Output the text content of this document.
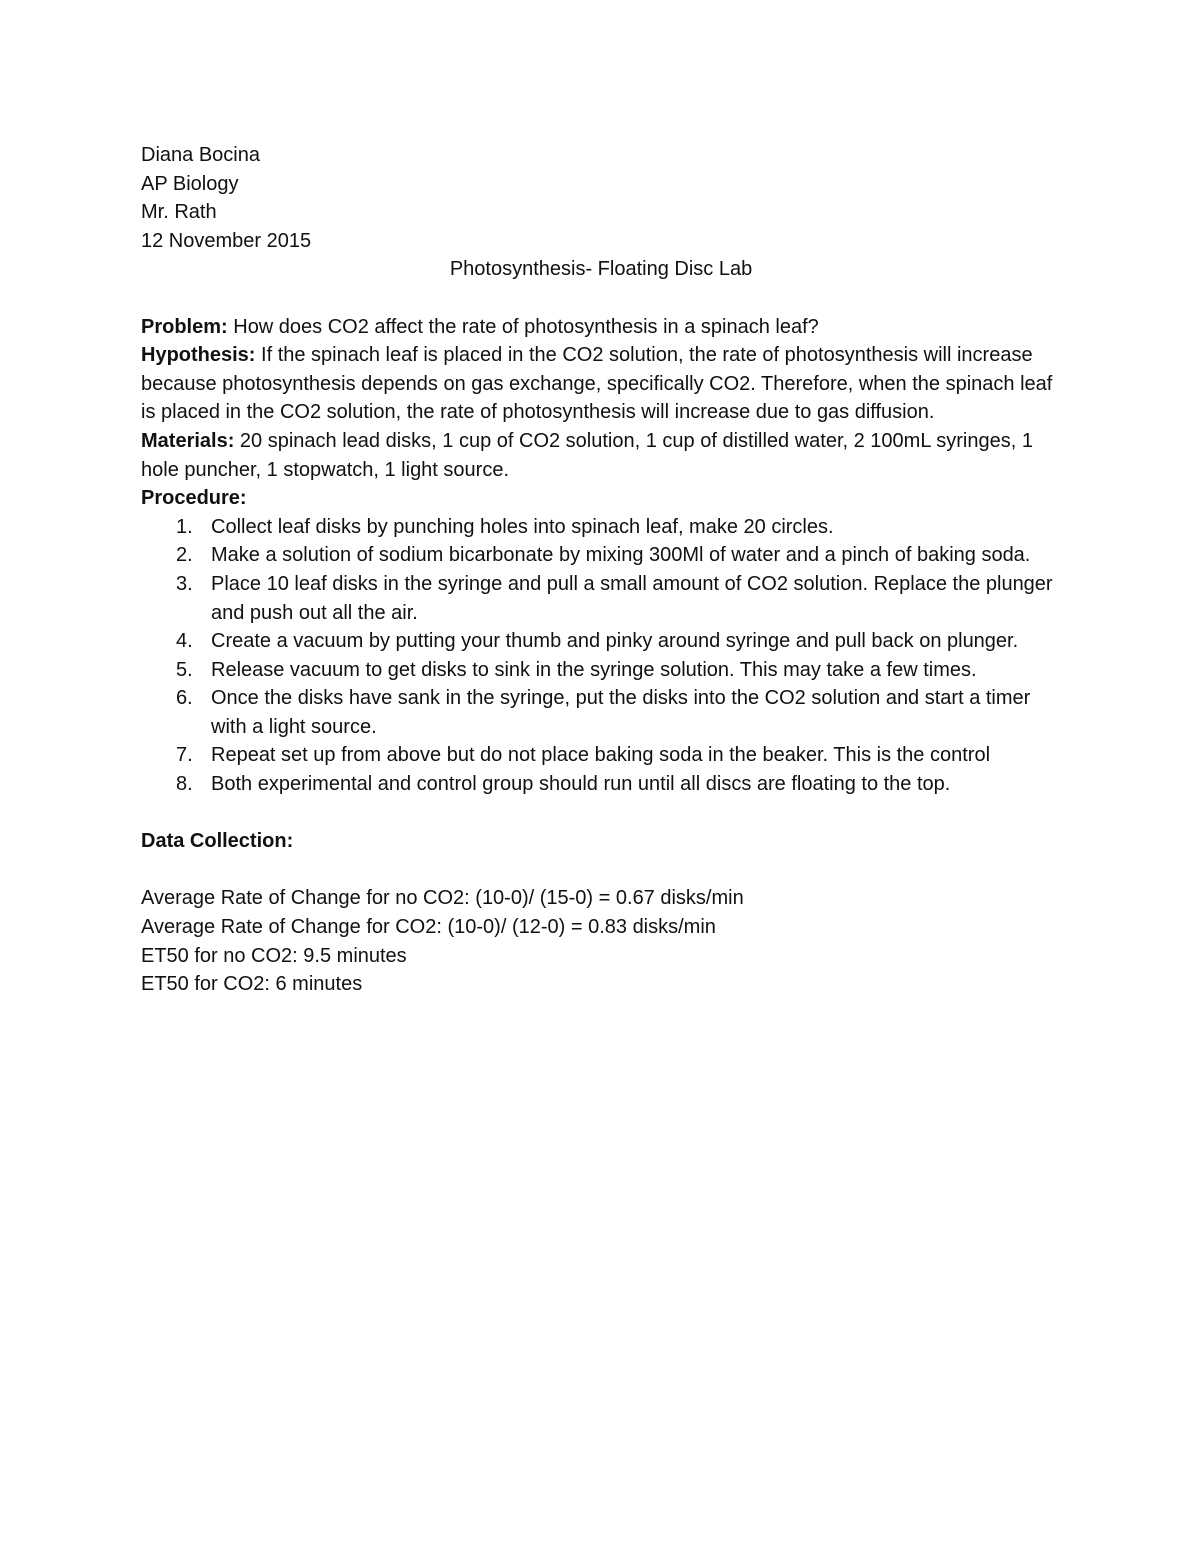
Diana Bocina

AP Biology

Mr. Rath

12 November 2015

Photosynthesis- Floating Disc Lab

Problem: How does CO2 affect the rate of photosynthesis in a spinach leaf?

Hypothesis: If the spinach leaf is placed in the CO2 solution, the rate of photosynthesis will increase because photosynthesis depends on gas exchange, specifically CO2. Therefore, when the spinach leaf is placed in the CO2 solution, the rate of photosynthesis will increase due to gas diffusion.

Materials: 20 spinach lead disks, 1 cup of CO2 solution, 1 cup of distilled water, 2 100mL syringes, 1 hole puncher, 1 stopwatch, 1 light source.

Procedure:

1. Collect leaf disks by punching holes into spinach leaf, make 20 circles.
2. Make a solution of sodium bicarbonate by mixing 300Ml of water and a pinch of baking soda.
3. Place 10 leaf disks in the syringe and pull a small amount of CO2 solution. Replace the plunger and push out all the air.
4. Create a vacuum by putting your thumb and pinky around syringe and pull back on plunger.
5. Release vacuum to get disks to sink in the syringe solution. This may take a few times.
6. Once the disks have sank in the syringe, put the disks into the CO2 solution and start a timer with a light source.
7. Repeat set up from above but do not place baking soda in the beaker. This is the control
8. Both experimental and control group should run until all discs are floating to the top.

Data Collection:

Average Rate of Change for no CO2: (10-0)/ (15-0) = 0.67 disks/min

Average Rate of Change for CO2: (10-0)/ (12-0) = 0.83 disks/min

ET50 for no CO2: 9.5 minutes

ET50 for CO2: 6 minutes
